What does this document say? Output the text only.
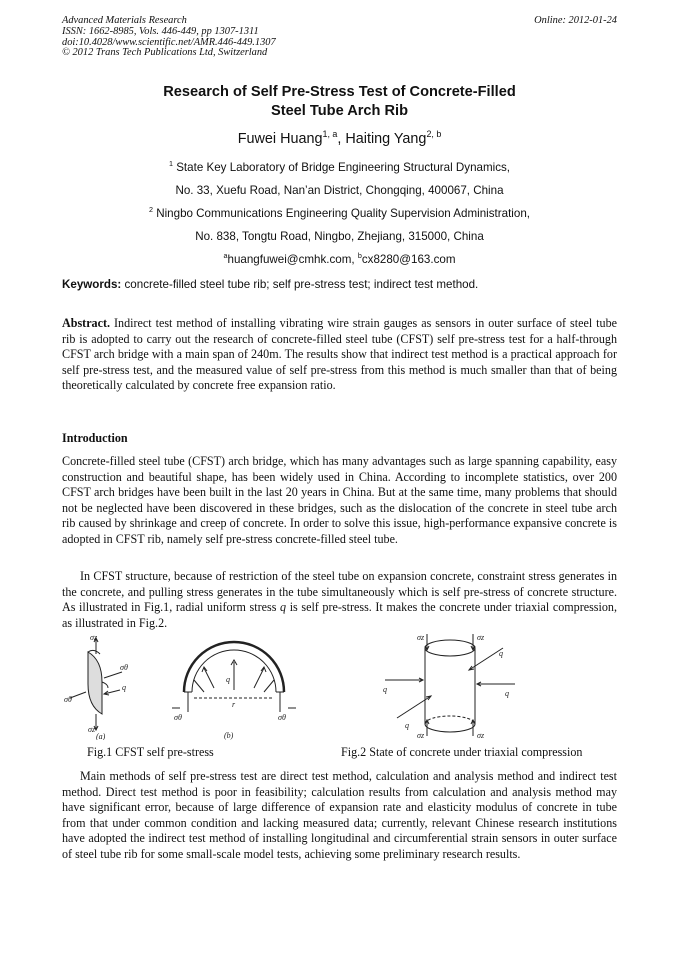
Advanced Materials Research
ISSN: 1662-8985, Vols. 446-449, pp 1307-1311
doi:10.4028/www.scientific.net/AMR.446-449.1307
© 2012 Trans Tech Publications Ltd, Switzerland
Online: 2012-01-24
Research of Self Pre-Stress Test of Concrete-Filled
Steel Tube Arch Rib
Fuwei Huang$^{1, a}$, Haiting Yang$^{2, b}$
$^1$ State Key Laboratory of Bridge Engineering Structural Dynamics,
No. 33, Xuefu Road, Nan’an District, Chongqing, 400067, China
$^2$ Ningbo Communications Engineering Quality Supervision Administration,
No. 838, Tongtu Road, Ningbo, Zhejiang, 315000, China
$^a$huangfuwei@cmhk.com, $^b$cx8280@163.com
Keywords: concrete-filled steel tube rib; self pre-stress test; indirect test method.
Abstract. Indirect test method of installing vibrating wire strain gauges as sensors in outer surface of steel tube rib is adopted to carry out the research of concrete-filled steel tube (CFST) self pre-stress test for a half-through CFST arch bridge with a main span of 240m. The results show that indirect test method is a practical approach for self pre-stress test, and the measured value of self pre-stress from this method is much smaller than that of being theoretically calculated by concrete free expansion ratio.
Introduction
Concrete-filled steel tube (CFST) arch bridge, which has many advantages such as large spanning capability, easy construction and beautiful shape, has been widely used in China. According to incomplete statistics, over 200 CFST arch bridges have been built in the last 20 years in China. But at the same time, many problems that should not be neglected have been discovered in these bridges, such as the dislocation of the concrete in steel tube arch rib caused by shrinkage and creep of concrete. In order to solve this issue, high-performance expansive concrete is adopted in CFST rib, namely self pre-stress concrete-filled steel tube.
In CFST structure, because of restriction of the steel tube on expansion concrete, constraint stress generates in the concrete, and pulling stress generates in the tube simultaneously which is self pre-stress of concrete structure. As illustrated in Fig.1, radial uniform stress q is self pre-stress. It makes the concrete under triaxial compression, as illustrated in Fig.2.
σz
σθ
q
σθ
σz
(a)
q
r
σθ	σθ
(b)
σz	σz
q
q	q
q
σz	σz
Fig.1 CFST self pre-stress	Fig.2 State of concrete under triaxial compression
Main methods of self pre-stress test are direct test method, calculation and analysis method and indirect test method. Direct test method is poor in feasibility; calculation results from calculation and analysis method may have significant error, because of large difference of expansion rate and elasticity modulus of concrete in tube from that under common condition and lacking measured data; currently, relevant Chinese research institutions have adopted the indirect test method of installing longitudinal and circumferential strain sensors in outer surface of steel tube rib for some small-scale model tests, achieving some preliminary research results.
